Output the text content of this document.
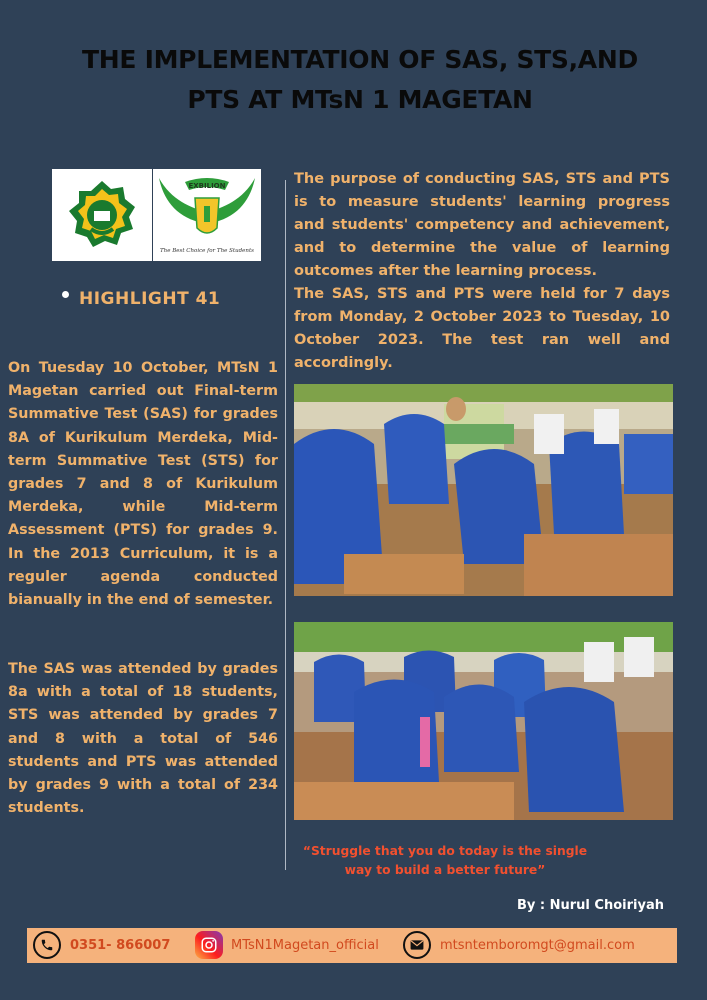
THE IMPLEMENTATION OF SAS, STS,AND
PTS AT MTsN 1 MAGETAN
EXBILION
The Best Choice for The Students
HIGHLIGHT 41
On Tuesday 10 October, MTsN 1 Magetan carried out Final-term Summative Test (SAS) for grades 8A of Kurikulum Merdeka, Mid-term Summative Test (STS) for grades 7 and 8 of Kurikulum Merdeka, while Mid-term Assessment (PTS) for grades 9. In the 2013 Curriculum, it is a reguler agenda conducted bianually in the end of semester.
The SAS was attended by grades 8a with a total of 18 students, STS was attended by grades 7 and 8 with a total of 546 students and PTS was attended by grades 9 with a total of 234 students.
The purpose of conducting SAS, STS and PTS is to measure students' learning progress and students' competency and achievement, and to determine the value of learning outcomes after the learning process.
The SAS, STS and PTS were held for 7 days from Monday, 2 October 2023 to Tuesday, 10 October 2023. The test ran well and accordingly.
“Struggle that you do today is the single
way to build a better future”
By : Nurul Choiriyah
0351- 866007	MTsN1Magetan_official	mtsntemboromgt@gmail.com
